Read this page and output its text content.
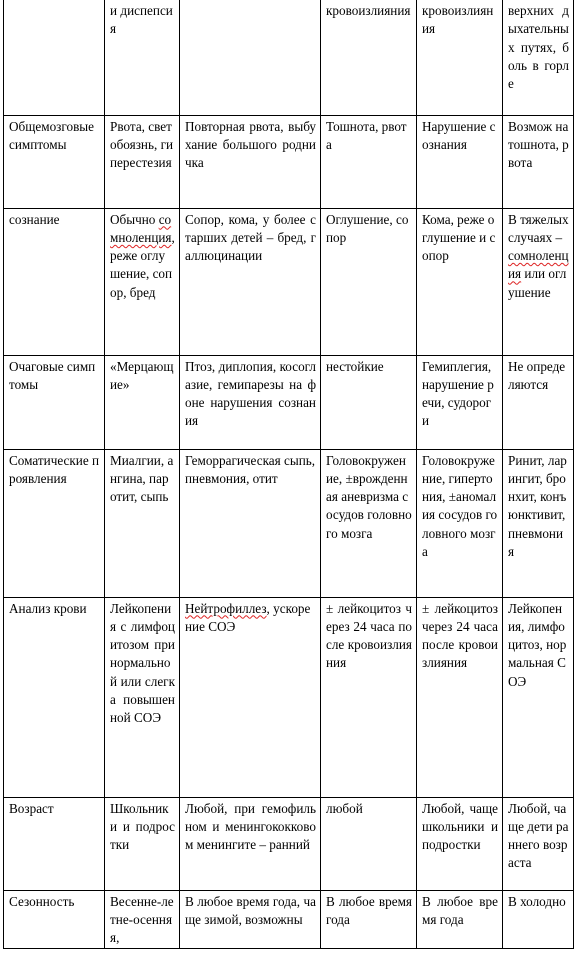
	и диспепсия		кровоизлияния	кровоизлияния	верхних дыхательных путях, боль в горле
Общемозговые симптомы	Рвота, светобоязнь, гиперестезия	Повторная рвота, выбухание большого родничка	Тошнота, рвота	Нарушение сознания	Возмож на тошнота, рвота
сознание	Обычно сомноленция, реже оглушение, сопор, бред	Сопор, кома, у более старших детей – бред, галлюцинации	Оглушение, сопор	Кома, реже оглушение и сопор	В тяжелых случаях – сомноленция или оглушение
Очаговые симптомы	«Мерцающие»	Птоз, диплопия, косоглазие, гемипарезы на фоне нарушения сознания	нестойкие	Гемиплегия, нарушение речи, судороги	Не определяются
Соматические проявления	Миалгии, ангина, паротит, сыпь	Геморрагическая сыпь, пневмония, отит	Головокружение, ±врожденная аневризма сосудов головного мозга	Головокружение, гипертония, ±аномалия сосудов головного мозга	Ринит, ларингит, бронхит, конъюнктивит, пневмония
Анализ крови	Лейкопения с лимфоцитозом при нормальной или слегка повышенной СОЭ	Нейтрофиллез, ускорение СОЭ	± лейкоцитоз через 24 часа после кровоизлияния	± лейкоцитоз через 24 часа после кровоизлияния	Лейкопения, лимфоцитоз, нормальная СОЭ
Возраст	Школьники и подростки	Любой, при гемофильном и менингококковом менингите – ранний	любой	Любой, чаще школьники и подростки	Любой, чаще дети раннего возраста
Сезонность	Весенне-летне-осенняя,	В любое время года, чаще зимой, возможны	В любое время года	В любое время года	В холодно
